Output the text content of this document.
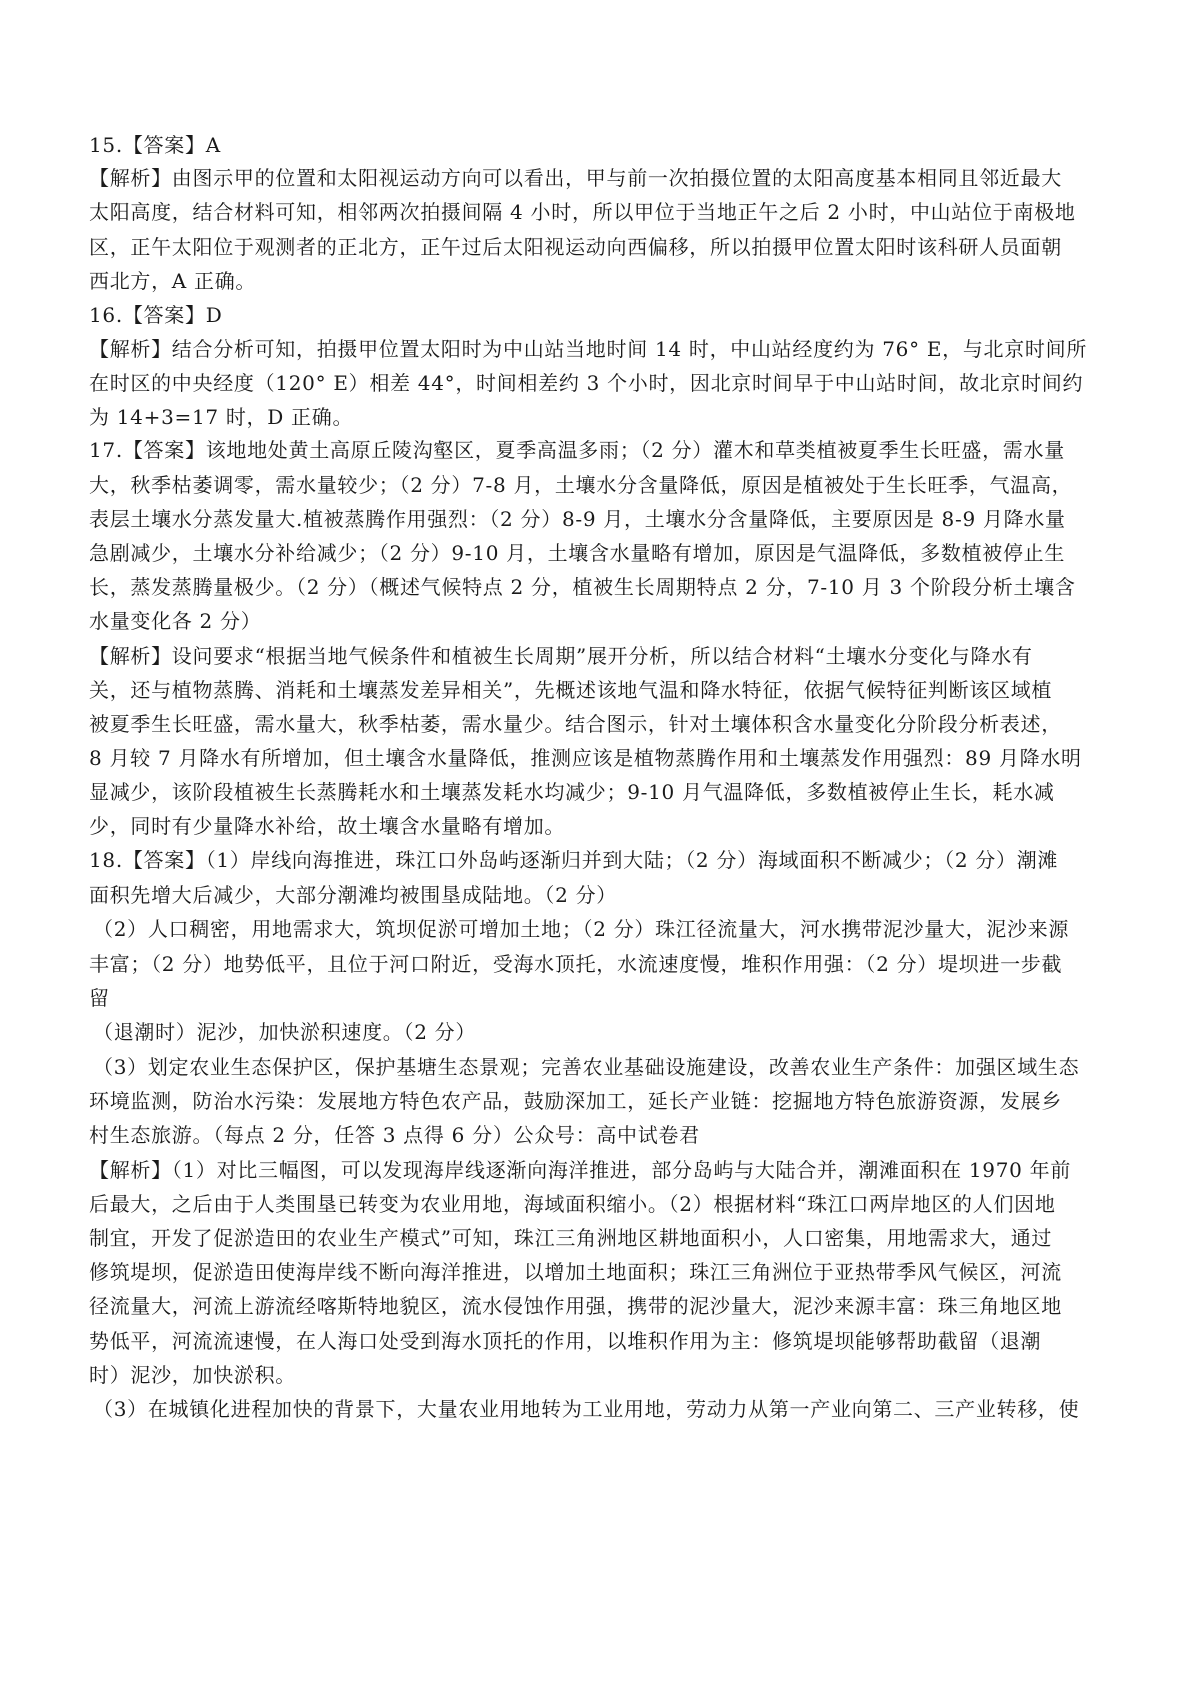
15.【答案】A
【解析】由图示甲的位置和太阳视运动方向可以看出，甲与前一次拍摄位置的太阳高度基本相同且邻近最大
太阳高度，结合材料可知，相邻两次拍摄间隔 4 小时，所以甲位于当地正午之后 2 小时，中山站位于南极地
区，正午太阳位于观测者的正北方，正午过后太阳视运动向西偏移，所以拍摄甲位置太阳时该科研人员面朝
西北方，A 正确。
16.【答案】D
【解析】结合分析可知，拍摄甲位置太阳时为中山站当地时间 14 时，中山站经度约为 76° E，与北京时间所
在时区的中央经度（120° E）相差 44°，时间相差约 3 个小时，因北京时间早于中山站时间，故北京时间约
为 14+3=17 时，D 正确。
17.【答案】该地地处黄土高原丘陵沟壑区，夏季高温多雨；（2 分）灌木和草类植被夏季生长旺盛，需水量
大，秋季枯萎调零，需水量较少；（2 分）7-8 月，土壤水分含量降低，原因是植被处于生长旺季，气温高，
表层土壤水分蒸发量大.植被蒸腾作用强烈：（2 分）8-9 月，土壤水分含量降低，主要原因是 8-9 月降水量
急剧减少，土壤水分补给减少；（2 分）9-10 月，土壤含水量略有增加，原因是气温降低，多数植被停止生
长，蒸发蒸腾量极少。（2 分）（概述气候特点 2 分，植被生长周期特点 2 分，7-10 月 3 个阶段分析土壤含
水量变化各 2 分）
【解析】设问要求“根据当地气候条件和植被生长周期”展开分析，所以结合材料“土壤水分变化与降水有
关，还与植物蒸腾、消耗和土壤蒸发差异相关”，先概述该地气温和降水特征，依据气候特征判断该区域植
被夏季生长旺盛，需水量大，秋季枯萎，需水量少。结合图示，针对土壤体积含水量变化分阶段分析表述，
8 月较 7 月降水有所增加，但土壤含水量降低，推测应该是植物蒸腾作用和土壤蒸发作用强烈：89 月降水明
显减少，该阶段植被生长蒸腾耗水和土壤蒸发耗水均减少；9-10 月气温降低，多数植被停止生长，耗水减
少，同时有少量降水补给，故土壤含水量略有增加。
18.【答案】（1）岸线向海推进，珠江口外岛屿逐渐归并到大陆；（2 分）海域面积不断减少；（2 分）潮滩
面积先增大后减少，大部分潮滩均被围垦成陆地。（2 分）
（2）人口稠密，用地需求大，筑坝促淤可增加土地；（2 分）珠江径流量大，河水携带泥沙量大，泥沙来源
丰富；（2 分）地势低平，且位于河口附近，受海水顶托，水流速度慢，堆积作用强：（2 分）堤坝进一步截
留
（退潮时）泥沙，加快淤积速度。（2 分）
（3）划定农业生态保护区，保护基塘生态景观；完善农业基础设施建设，改善农业生产条件：加强区域生态
环境监测，防治水污染：发展地方特色农产品，鼓励深加工，延长产业链：挖掘地方特色旅游资源，发展乡
村生态旅游。（每点 2 分，任答 3 点得 6 分）公众号：高中试卷君
【解析】（1）对比三幅图，可以发现海岸线逐渐向海洋推进，部分岛屿与大陆合并，潮滩面积在 1970 年前
后最大，之后由于人类围垦已转变为农业用地，海域面积缩小。（2）根据材料“珠江口两岸地区的人们因地
制宜，开发了促淤造田的农业生产模式”可知，珠江三角洲地区耕地面积小，人口密集，用地需求大，通过
修筑堤坝，促淤造田使海岸线不断向海洋推进，以增加土地面积；珠江三角洲位于亚热带季风气候区，河流
径流量大，河流上游流经喀斯特地貌区，流水侵蚀作用强，携带的泥沙量大，泥沙来源丰富：珠三角地区地
势低平，河流流速慢，在人海口处受到海水顶托的作用，以堆积作用为主：修筑堤坝能够帮助截留（退潮
时）泥沙，加快淤积。
（3）在城镇化进程加快的背景下，大量农业用地转为工业用地，劳动力从第一产业向第二、三产业转移，使
